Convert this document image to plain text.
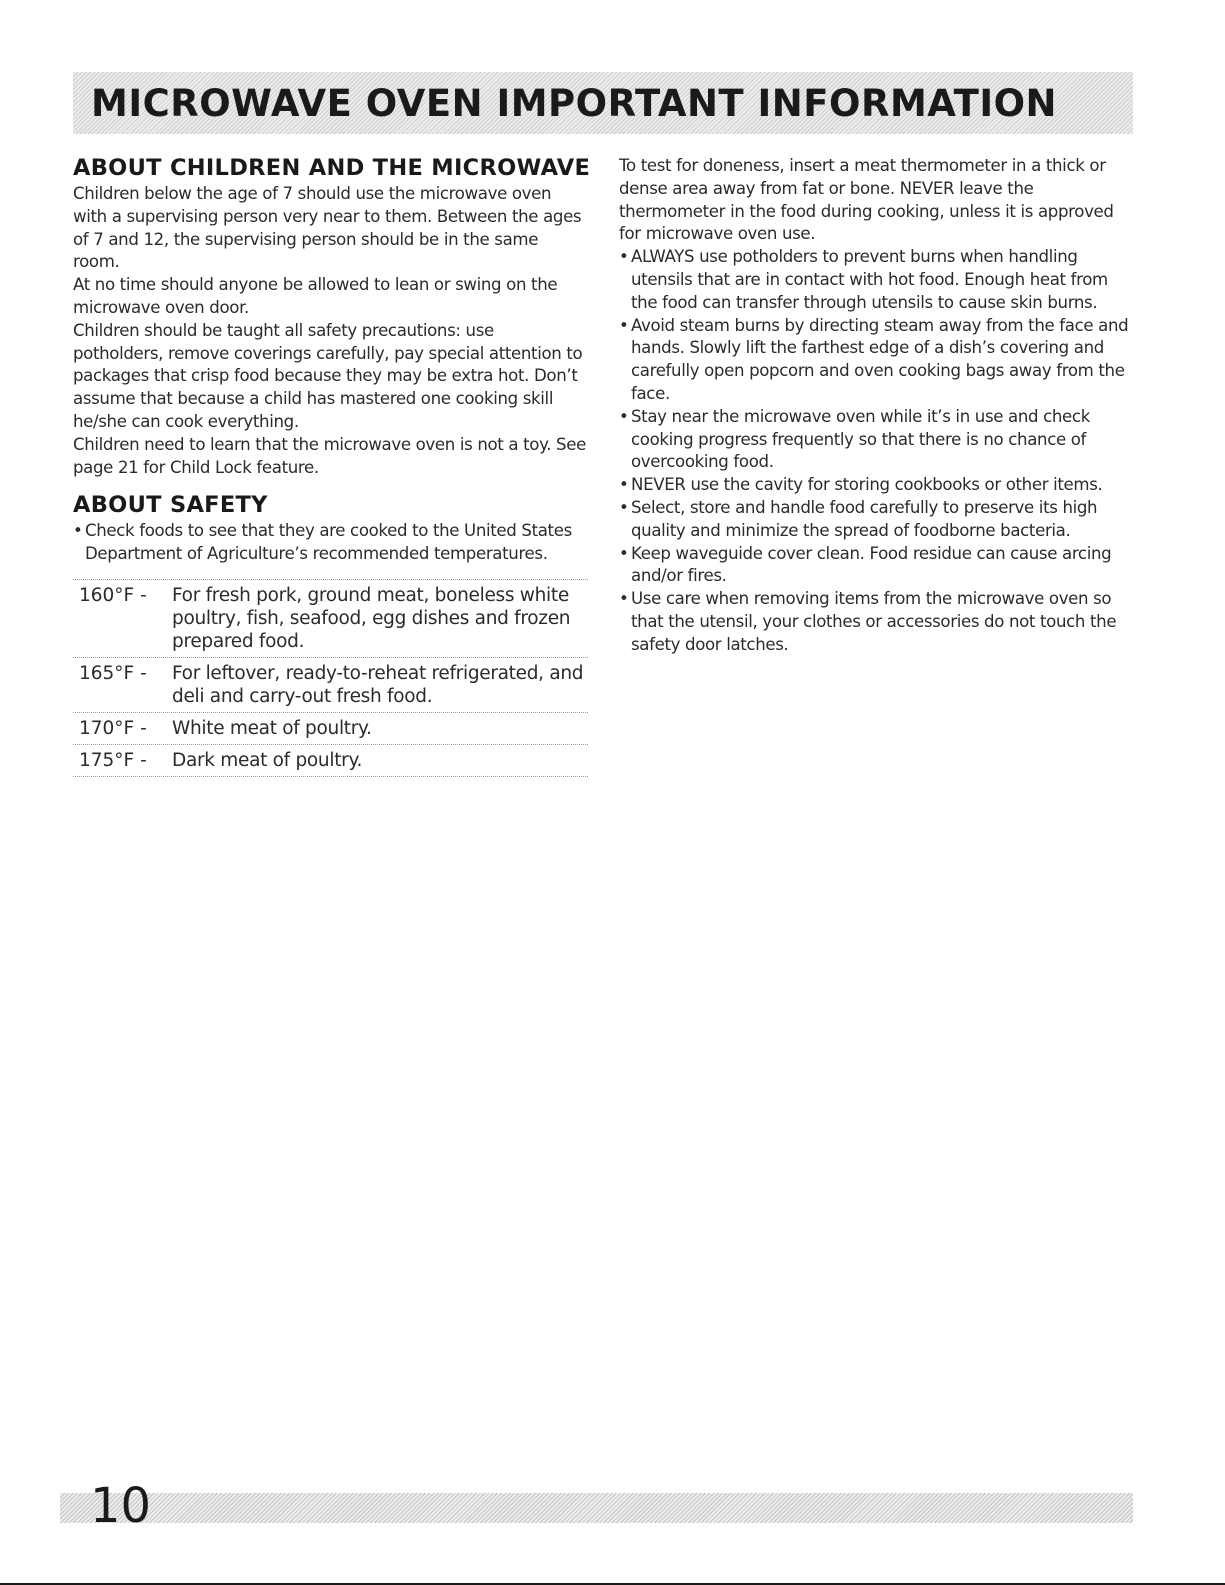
MICROWAVE OVEN IMPORTANT INFORMATION
ABOUT CHILDREN AND THE MICROWAVE

Children below the age of 7 should use the microwave oven with a supervising person very near to them. Between the ages of 7 and 12, the supervising person should be in the same room.

At no time should anyone be allowed to lean or swing on the microwave oven door.

Children should be taught all safety precautions: use potholders, remove coverings carefully, pay special attention to packages that crisp food because they may be extra hot. Don’t assume that because a child has mastered one cooking skill he/she can cook everything.

Children need to learn that the microwave oven is not a toy. See page 21 for Child Lock feature.

ABOUT SAFETY
• Check foods to see that they are cooked to the United States Department of Agriculture’s recommended temperatures.
160°F -	For fresh pork, ground meat, boneless white poultry, fish, seafood, egg dishes and frozen prepared food.
165°F -	For leftover, ready-to-reheat refrigerated, and deli and carry-out fresh food.
170°F -	White meat of poultry.
175°F -	Dark meat of poultry.

To test for doneness, insert a meat thermometer in a thick or dense area away from fat or bone. NEVER leave the thermometer in the food during cooking, unless it is approved for microwave oven use.

• ALWAYS use potholders to prevent burns when handling utensils that are in contact with hot food. Enough heat from the food can transfer through utensils to cause skin burns.
• Avoid steam burns by directing steam away from the face and hands. Slowly lift the farthest edge of a dish’s covering and carefully open popcorn and oven cooking bags away from the face.
• Stay near the microwave oven while it’s in use and check cooking progress frequently so that there is no chance of overcooking food.
• NEVER use the cavity for storing cookbooks or other items.
• Select, store and handle food carefully to preserve its high quality and minimize the spread of foodborne bacteria.
• Keep waveguide cover clean. Food residue can cause arcing and/or fires.
• Use care when removing items from the microwave oven so that the utensil, your clothes or accessories do not touch the safety door latches.
10
